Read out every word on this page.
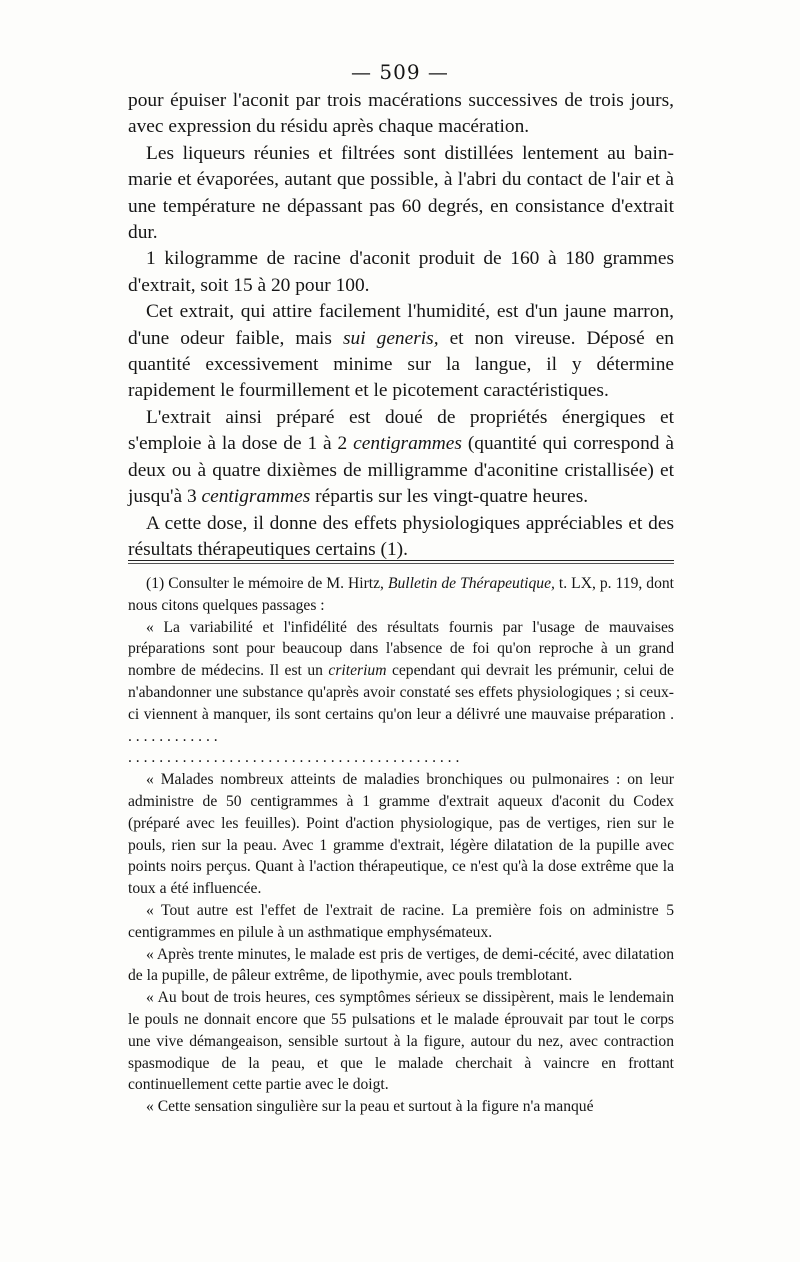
— 509 —

pour épuiser l'aconit par trois macérations successives de trois jours, avec expression du résidu après chaque macération.

Les liqueurs réunies et filtrées sont distillées lentement au bain-marie et évaporées, autant que possible, à l'abri du contact de l'air et à une température ne dépassant pas 60 degrés, en consistance d'extrait dur.

1 kilogramme de racine d'aconit produit de 160 à 180 grammes d'extrait, soit 15 à 20 pour 100.

Cet extrait, qui attire facilement l'humidité, est d'un jaune marron, d'une odeur faible, mais sui generis, et non vireuse. Déposé en quantité excessivement minime sur la langue, il y détermine rapidement le fourmillement et le picotement caractéristiques.

L'extrait ainsi préparé est doué de propriétés énergiques et s'emploie à la dose de 1 à 2 centigrammes (quantité qui correspond à deux ou à quatre dixièmes de milligramme d'aconitine cristallisée) et jusqu'à 3 centigrammes répartis sur les vingt-quatre heures.

A cette dose, il donne des effets physiologiques appréciables et des résultats thérapeutiques certains (1).

(1) Consulter le mémoire de M. Hirtz, Bulletin de Thérapeutique, t. LX, p. 119, dont nous citons quelques passages :

« La variabilité et l'infidélité des résultats fournis par l'usage de mauvaises préparations sont pour beaucoup dans l'absence de foi qu'on reproche à un grand nombre de médecins. Il est un criterium cependant qui devrait les prémunir, celui de n'abandonner une substance qu'après avoir constaté ses effets physiologiques ; si ceux-ci viennent à manquer, ils sont certains qu'on leur a délivré une mauvaise préparation . . . . . . . . . . . . .

. . . . . . . . . . . . . . . . . . . . . . . . . . . . . . . . . . . . . . . . . . .

« Malades nombreux atteints de maladies bronchiques ou pulmonaires : on leur administre de 50 centigrammes à 1 gramme d'extrait aqueux d'aconit du Codex (préparé avec les feuilles). Point d'action physiologique, pas de vertiges, rien sur le pouls, rien sur la peau. Avec 1 gramme d'extrait, légère dilatation de la pupille avec points noirs perçus. Quant à l'action thérapeutique, ce n'est qu'à la dose extrême que la toux a été influencée.

« Tout autre est l'effet de l'extrait de racine. La première fois on administre 5 centigrammes en pilule à un asthmatique emphysémateux.

« Après trente minutes, le malade est pris de vertiges, de demi-cécité, avec dilatation de la pupille, de pâleur extrême, de lipothymie, avec pouls tremblotant.

« Au bout de trois heures, ces symptômes sérieux se dissipèrent, mais le lendemain le pouls ne donnait encore que 55 pulsations et le malade éprouvait par tout le corps une vive démangeaison, sensible surtout à la figure, autour du nez, avec contraction spasmodique de la peau, et que le malade cherchait à vaincre en frottant continuellement cette partie avec le doigt.

« Cette sensation singulière sur la peau et surtout à la figure n'a manqué
